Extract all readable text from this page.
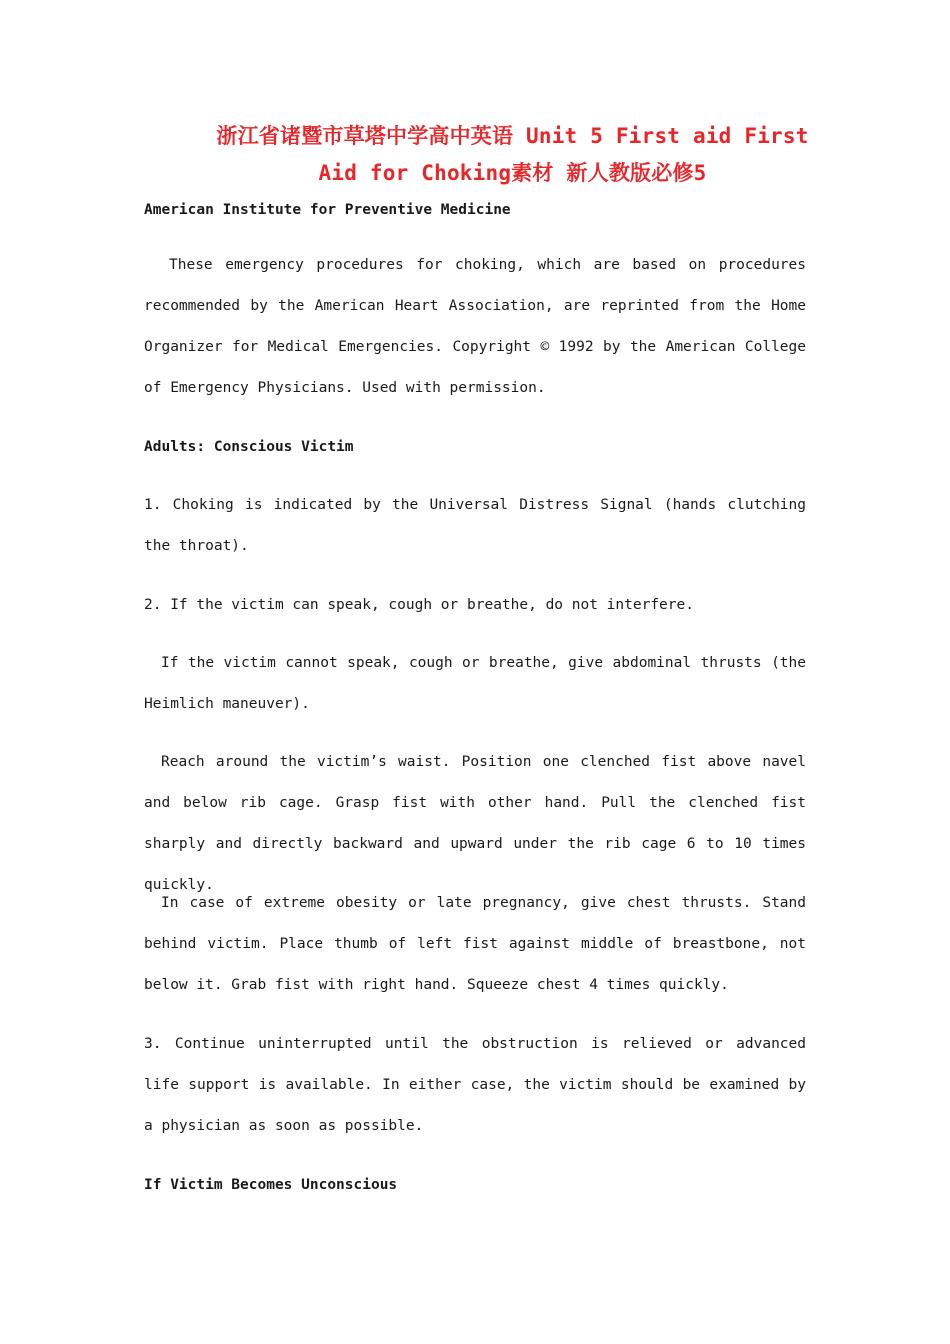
浙江省诸暨市草塔中学高中英语 Unit 5 First aid First
Aid for Choking素材 新人教版必修5
American Institute for Preventive Medicine
These emergency procedures for choking, which are based on procedures recommended by the American Heart Association, are reprinted from the Home Organizer for Medical Emergencies. Copyright © 1992 by the American College of Emergency Physicians. Used with permission.
Adults: Conscious Victim
1. Choking is indicated by the Universal Distress Signal (hands clutching the throat).
2. If the victim can speak, cough or breathe, do not interfere.
If the victim cannot speak, cough or breathe, give abdominal thrusts (the Heimlich maneuver).
Reach around the victim’s waist. Position one clenched fist above navel and below rib cage. Grasp fist with other hand. Pull the clenched fist sharply and directly backward and upward under the rib cage 6 to 10 times quickly.
In case of extreme obesity or late pregnancy, give chest thrusts. Stand behind victim. Place thumb of left fist against middle of breastbone, not below it. Grab fist with right hand. Squeeze chest 4 times quickly.
3. Continue uninterrupted until the obstruction is relieved or advanced life support is available. In either case, the victim should be examined by a physician as soon as possible.
If Victim Becomes Unconscious
